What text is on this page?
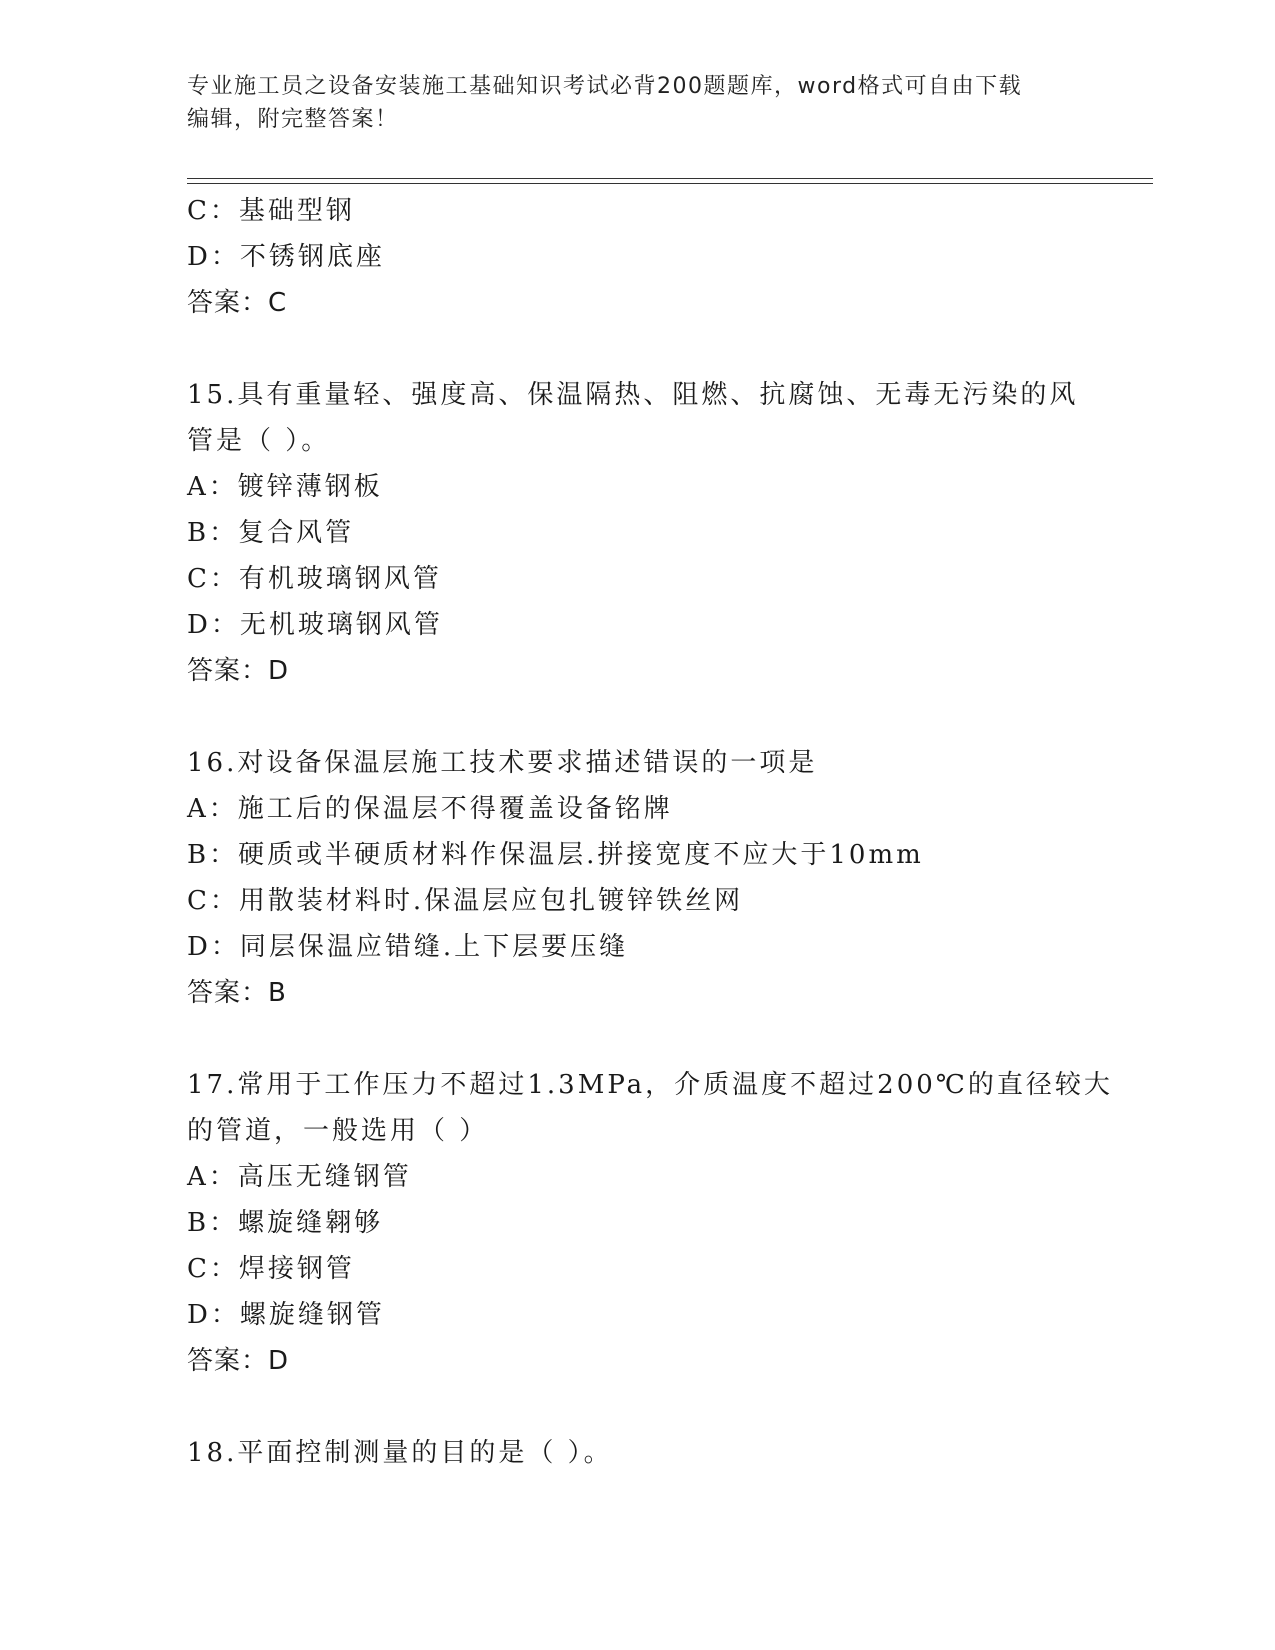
专业施工员之设备安装施工基础知识考试必背200题题库，word格式可自由下载
编辑，附完整答案！
C：基础型钢
D：不锈钢底座
答案：C
15.具有重量轻、强度高、保温隔热、阻燃、抗腐蚀、无毒无污染的风
管是（ ）。
A：镀锌薄钢板
B：复合风管
C：有机玻璃钢风管
D：无机玻璃钢风管
答案：D
16.对设备保温层施工技术要求描述错误的一项是
A：施工后的保温层不得覆盖设备铭牌
B：硬质或半硬质材料作保温层.拼接宽度不应大于10mm
C：用散装材料时.保温层应包扎镀锌铁丝网
D：同层保温应错缝.上下层要压缝
答案：B
17.常用于工作压力不超过1.3MPa，介质温度不超过200℃的直径较大
的管道，一般选用（ ）
A：高压无缝钢管
B：螺旋缝翱够
C：焊接钢管
D：螺旋缝钢管
答案：D
18.平面控制测量的目的是（ ）。
